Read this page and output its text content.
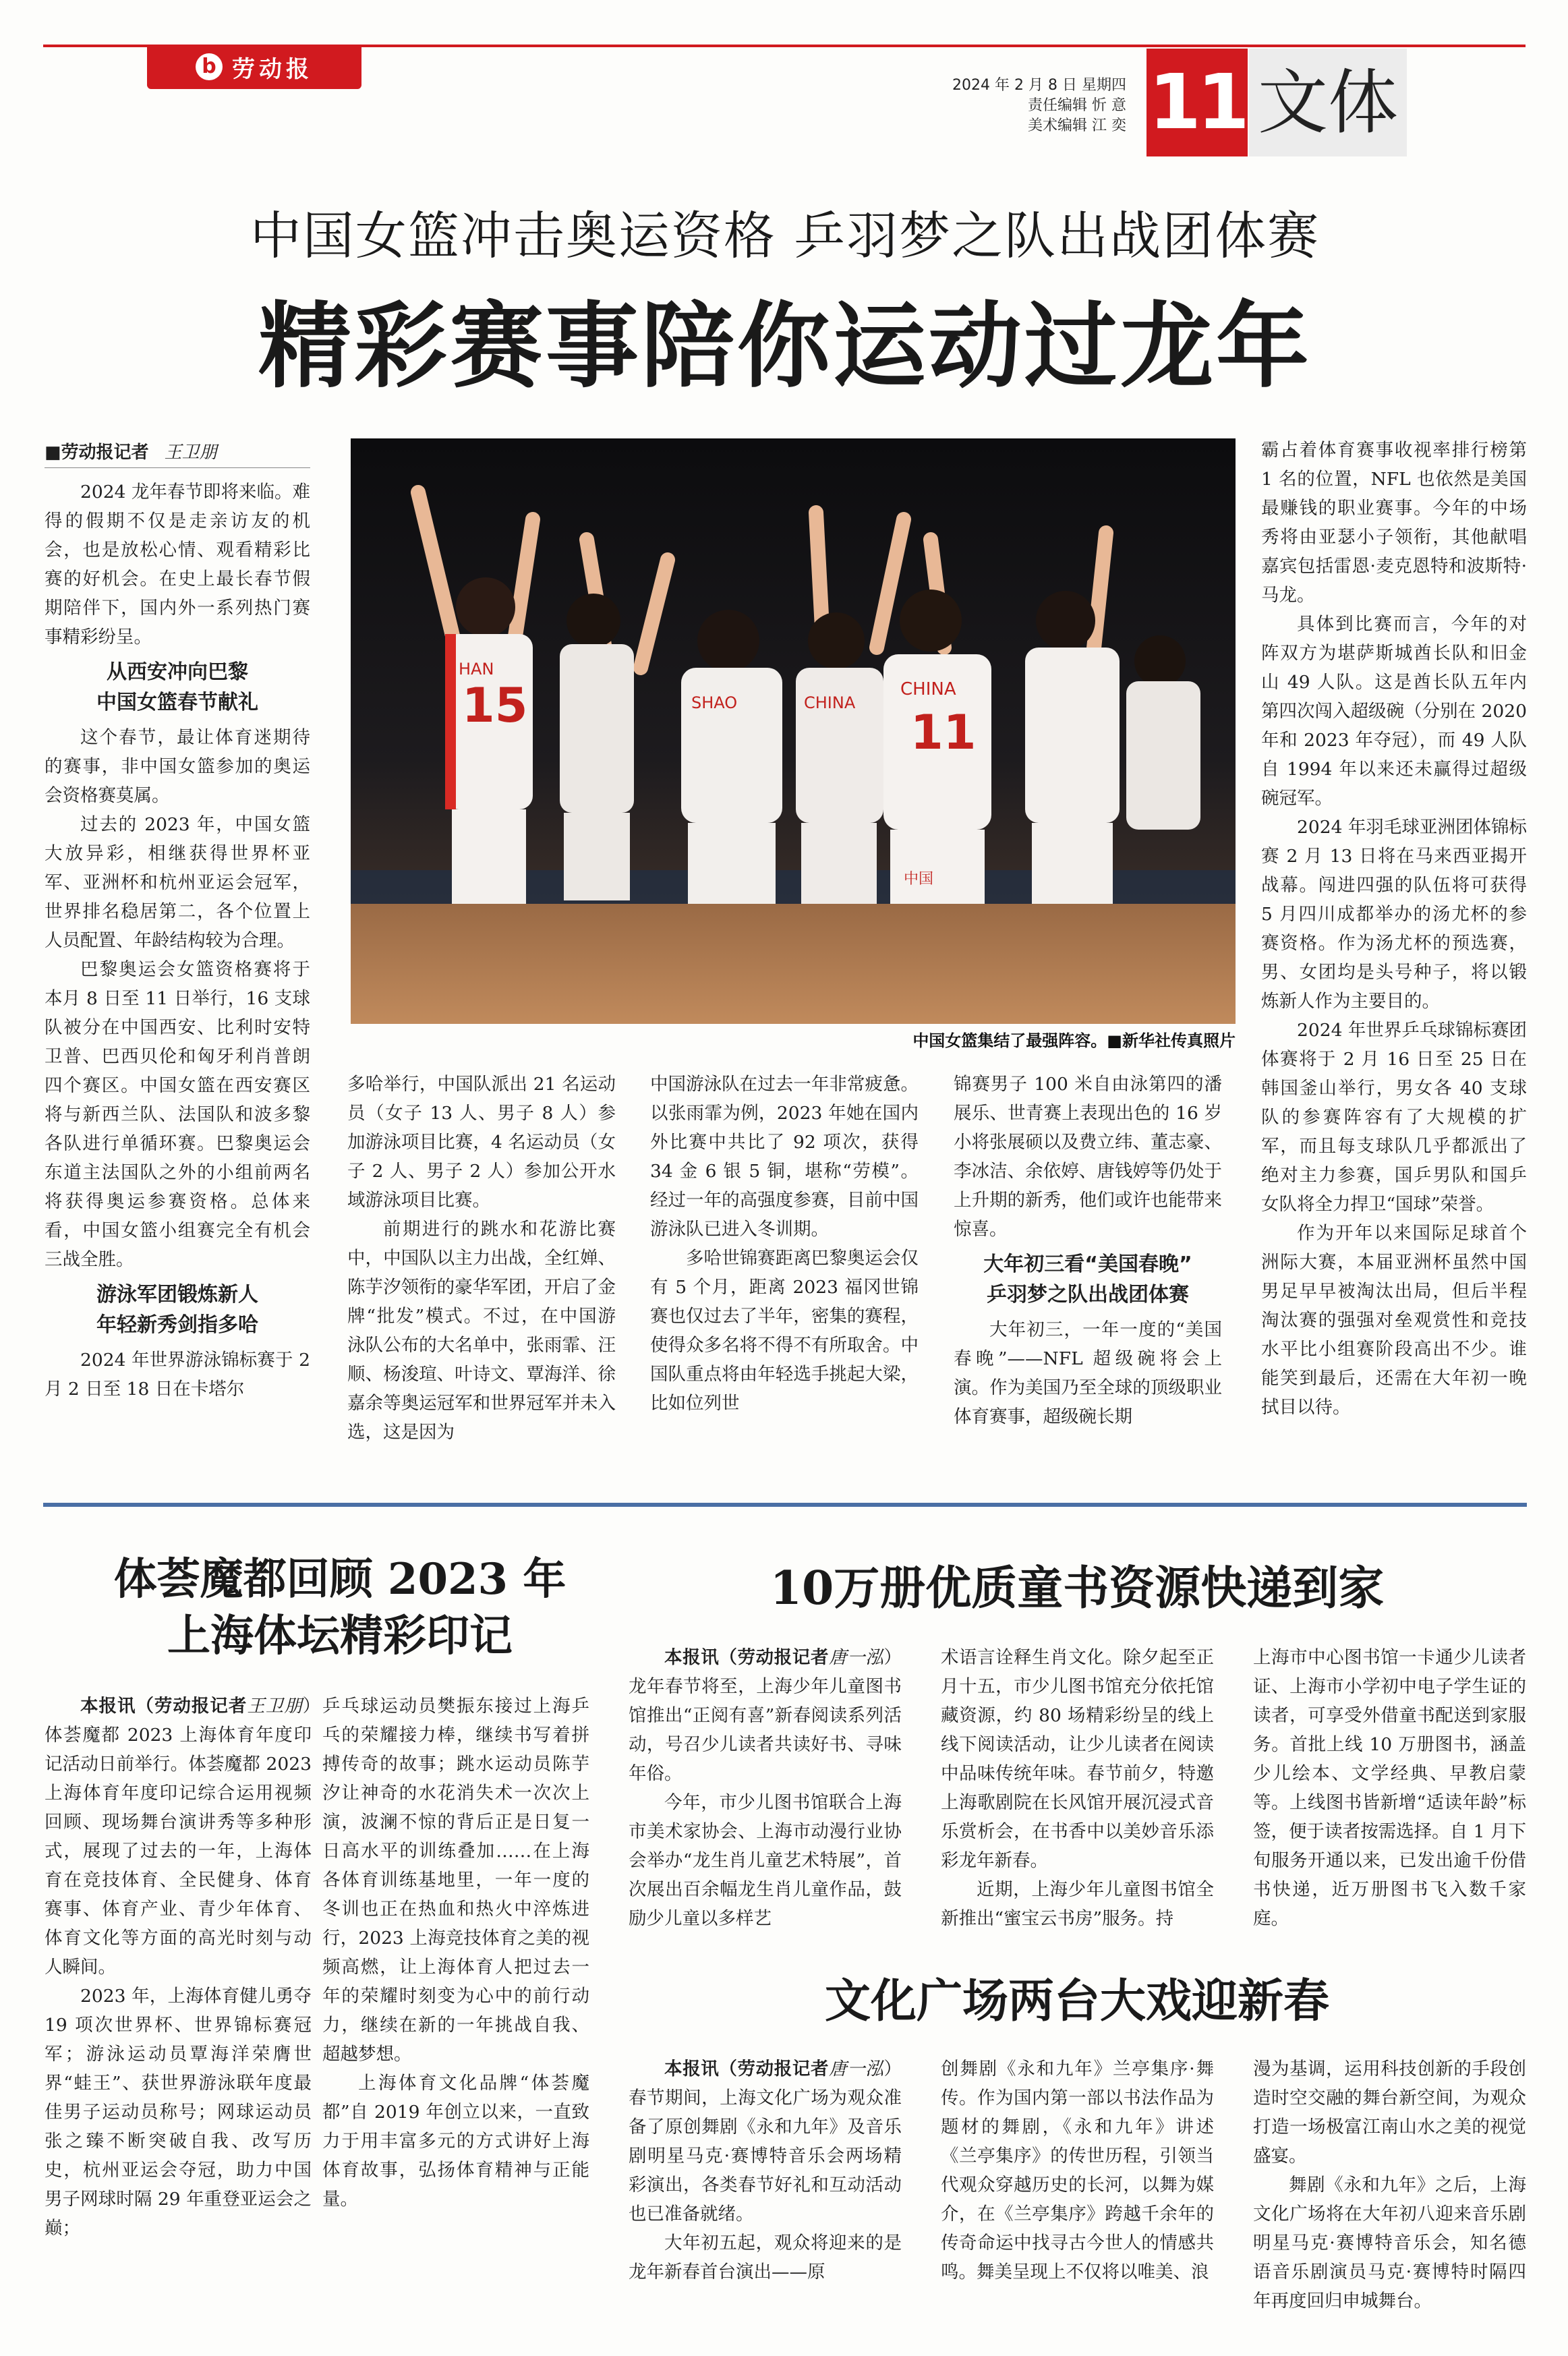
b 劳动报
2024 年 2 月 8 日 星期四
责任编辑 忻 意
美术编辑 江 奕 11 文体
中国女篮冲击奥运资格 乒羽梦之队出战团体赛
精彩赛事陪你运动过龙年

■劳动报记者 王卫朋

2024 龙年春节即将来临。难得的假期不仅是走亲访友的机会，也是放松心情、观看精彩比赛的好机会。在史上最长春节假期陪伴下，国内外一系列热门赛事精彩纷呈。

从西安冲向巴黎
中国女篮春节献礼

这个春节，最让体育迷期待的赛事，非中国女篮参加的奥运会资格赛莫属。

过去的 2023 年，中国女篮大放异彩，相继获得世界杯亚军、亚洲杯和杭州亚运会冠军，世界排名稳居第二，各个位置上人员配置、年龄结构较为合理。

巴黎奥运会女篮资格赛将于本月 8 日至 11 日举行，16 支球队被分在中国西安、比利时安特卫普、巴西贝伦和匈牙利肖普朗四个赛区。中国女篮在西安赛区将与新西兰队、法国队和波多黎各队进行单循环赛。巴黎奥运会东道主法国队之外的小组前两名将获得奥运参赛资格。总体来看，中国女篮小组赛完全有机会三战全胜。

游泳军团锻炼新人
年轻新秀剑指多哈

2024 年世界游泳锦标赛于 2 月 2 日至 18 日在卡塔尔

HAN
15	SHAO
CHINA
11
中国
CHINA
中国女篮集结了最强阵容。■新华社传真照片

多哈举行，中国队派出 21 名运动员（女子 13 人、男子 8 人）参加游泳项目比赛，4 名运动员（女子 2 人、男子 2 人）参加公开水域游泳项目比赛。

前期进行的跳水和花游比赛中，中国队以主力出战，全红婵、陈芋汐领衔的豪华军团，开启了金牌“批发”模式。不过，在中国游泳队公布的大名单中，张雨霏、汪顺、杨浚瑄、叶诗文、覃海洋、徐嘉余等奥运冠军和世界冠军并未入选，这是因为

中国游泳队在过去一年非常疲惫。以张雨霏为例，2023 年她在国内外比赛中共比了 92 项次，获得 34 金 6 银 5 铜，堪称“劳模”。经过一年的高强度参赛，目前中国游泳队已进入冬训期。

多哈世锦赛距离巴黎奥运会仅有 5 个月，距离 2023 福冈世锦赛也仅过去了半年，密集的赛程，使得众多名将不得不有所取舍。中国队重点将由年轻选手挑起大梁，比如位列世

锦赛男子 100 米自由泳第四的潘展乐、世青赛上表现出色的 16 岁小将张展硕以及费立纬、董志豪、李冰洁、余依婷、唐钱婷等仍处于上升期的新秀，他们或许也能带来惊喜。

大年初三看“美国春晚”
乒羽梦之队出战团体赛

大年初三，一年一度的“美国春晚”——NFL 超级碗将会上演。作为美国乃至全球的顶级职业体育赛事，超级碗长期

霸占着体育赛事收视率排行榜第 1 名的位置，NFL 也依然是美国最赚钱的职业赛事。今年的中场秀将由亚瑟小子领衔，其他献唱嘉宾包括雷恩·麦克恩特和波斯特·马龙。

具体到比赛而言，今年的对阵双方为堪萨斯城酋长队和旧金山 49 人队。这是酋长队五年内第四次闯入超级碗（分别在 2020 年和 2023 年夺冠），而 49 人队自 1994 年以来还未赢得过超级碗冠军。

2024 年羽毛球亚洲团体锦标赛 2 月 13 日将在马来西亚揭开战幕。闯进四强的队伍将可获得 5 月四川成都举办的汤尤杯的参赛资格。作为汤尤杯的预选赛，男、女团均是头号种子，将以锻炼新人作为主要目的。

2024 年世界乒乓球锦标赛团体赛将于 2 月 16 日至 25 日在韩国釜山举行，男女各 40 支球队的参赛阵容有了大规模的扩军，而且每支球队几乎都派出了绝对主力参赛，国乒男队和国乒女队将全力捍卫“国球”荣誉。

作为开年以来国际足球首个洲际大赛，本届亚洲杯虽然中国男足早早被淘汰出局，但后半程淘汰赛的强强对垒观赏性和竞技水平比小组赛阶段高出不少。谁能笑到最后，还需在大年初一晚拭目以待。

体荟魔都回顾 2023 年
上海体坛精彩印记

本报讯（劳动报记者王卫朋）体荟魔都 2023 上海体育年度印记活动日前举行。体荟魔都 2023 上海体育年度印记综合运用视频回顾、现场舞台演讲秀等多种形式，展现了过去的一年，上海体育在竞技体育、全民健身、体育赛事、体育产业、青少年体育、体育文化等方面的高光时刻与动人瞬间。

2023 年，上海体育健儿勇夺 19 项次世界杯、世界锦标赛冠军；游泳运动员覃海洋荣膺世界“蛙王”、获世界游泳联年度最佳男子运动员称号；网球运动员张之臻不断突破自我、改写历史，杭州亚运会夺冠，助力中国男子网球时隔 29 年重登亚运会之巅；

乒乓球运动员樊振东接过上海乒乓的荣耀接力棒，继续书写着拼搏传奇的故事；跳水运动员陈芋汐让神奇的水花消失术一次次上演，波澜不惊的背后正是日复一日高水平的训练叠加……在上海各体育训练基地里，一年一度的冬训也正在热血和热火中淬炼进行，2023 上海竞技体育之美的视频高燃，让上海体育人把过去一年的荣耀时刻变为心中的前行动力，继续在新的一年挑战自我、超越梦想。

上海体育文化品牌“体荟魔都”自 2019 年创立以来，一直致力于用丰富多元的方式讲好上海体育故事，弘扬体育精神与正能量。

10万册优质童书资源快递到家

本报讯（劳动报记者唐一泓）龙年春节将至，上海少年儿童图书馆推出“正阅有喜”新春阅读系列活动，号召少儿读者共读好书、寻味年俗。

今年，市少儿图书馆联合上海市美术家协会、上海市动漫行业协会举办“龙生肖儿童艺术特展”，首次展出百余幅龙生肖儿童作品，鼓励少儿童以多样艺

术语言诠释生肖文化。除夕起至正月十五，市少儿图书馆充分依托馆藏资源，约 80 场精彩纷呈的线上线下阅读活动，让少儿读者在阅读中品味传统年味。春节前夕，特邀上海歌剧院在长风馆开展沉浸式音乐赏析会，在书香中以美妙音乐添彩龙年新春。

近期，上海少年儿童图书馆全新推出“蜜宝云书房”服务。持

上海市中心图书馆一卡通少儿读者证、上海市小学初中电子学生证的读者，可享受外借童书配送到家服务。首批上线 10 万册图书，涵盖少儿绘本、文学经典、早教启蒙等。上线图书皆新增“适读年龄”标签，便于读者按需选择。自 1 月下旬服务开通以来，已发出逾千份借书快递，近万册图书飞入数千家庭。

文化广场两台大戏迎新春

本报讯（劳动报记者唐一泓）春节期间，上海文化广场为观众准备了原创舞剧《永和九年》及音乐剧明星马克·赛博特音乐会两场精彩演出，各类春节好礼和互动活动也已准备就绪。

大年初五起，观众将迎来的是龙年新春首台演出——原

创舞剧《永和九年》兰亭集序·舞传。作为国内第一部以书法作品为题材的舞剧，《永和九年》讲述《兰亭集序》的传世历程，引领当代观众穿越历史的长河，以舞为媒介，在《兰亭集序》跨越千余年的传奇命运中找寻古今世人的情感共鸣。舞美呈现上不仅将以唯美、浪

漫为基调，运用科技创新的手段创造时空交融的舞台新空间，为观众打造一场极富江南山水之美的视觉盛宴。

舞剧《永和九年》之后，上海文化广场将在大年初八迎来音乐剧明星马克·赛博特音乐会，知名德语音乐剧演员马克·赛博特时隔四年再度回归申城舞台。
